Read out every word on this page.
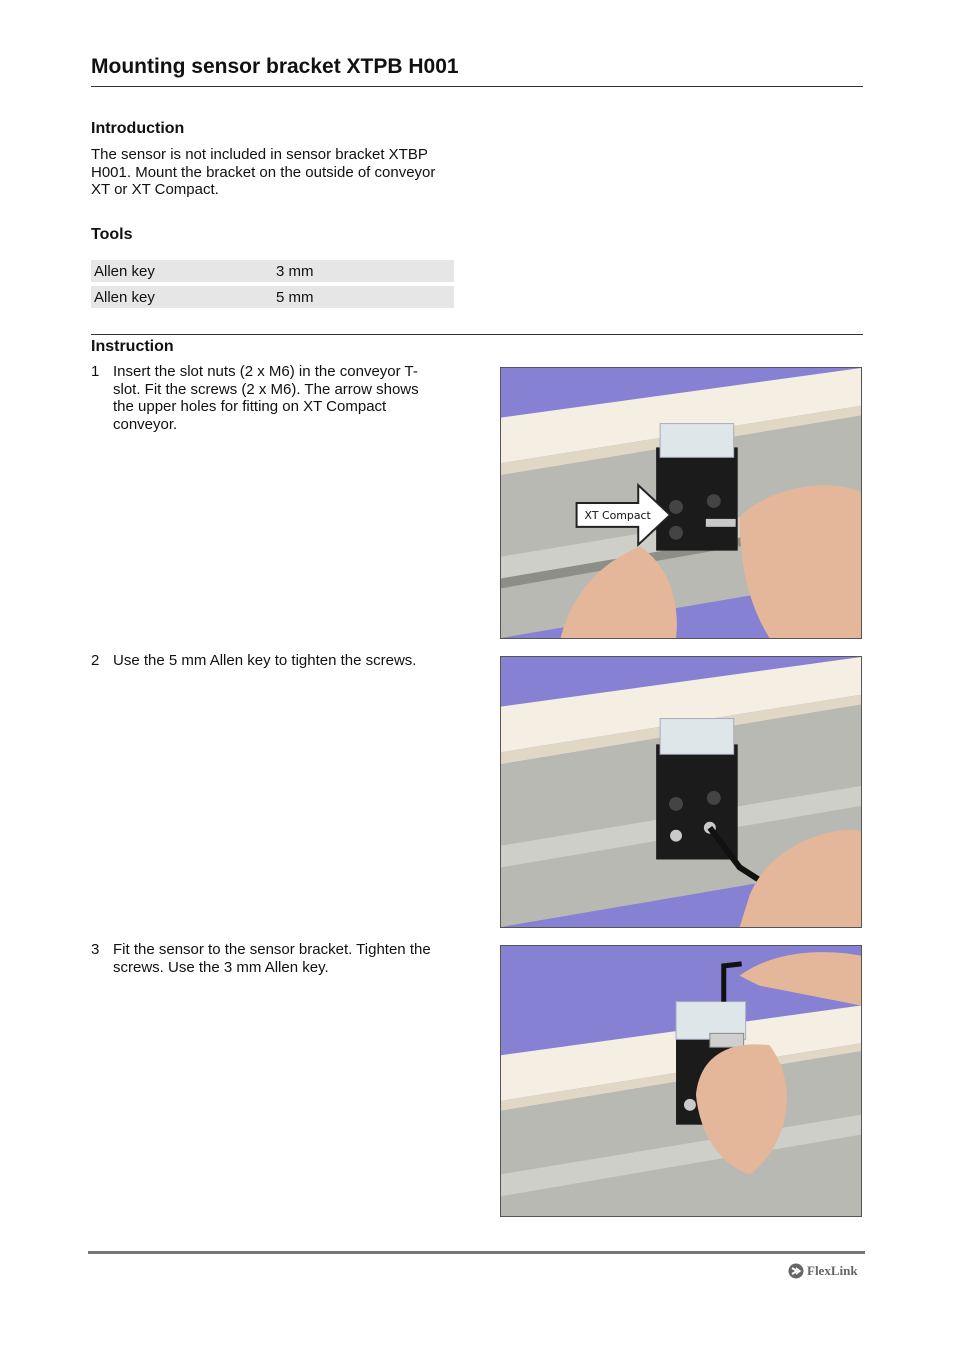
Mounting sensor bracket XTPB H001
Introduction

The sensor is not included in sensor bracket XTBP

H001. Mount the bracket on the outside of conveyor

XT or XT Compact.

Tools
Allen key	3 mm
Allen key	5 mm
Instruction
1 Insert the slot nuts (2 x M6) in the conveyor T-

slot. Fit the screws (2 x M6). The arrow shows

the upper holes for fitting on XT Compact

conveyor.

XT Compact
2 Use the 5 mm Allen key to tighten the screws.

3 Fit the sensor to the sensor bracket. Tighten the

screws. Use the 3 mm Allen key.

FlexLink
